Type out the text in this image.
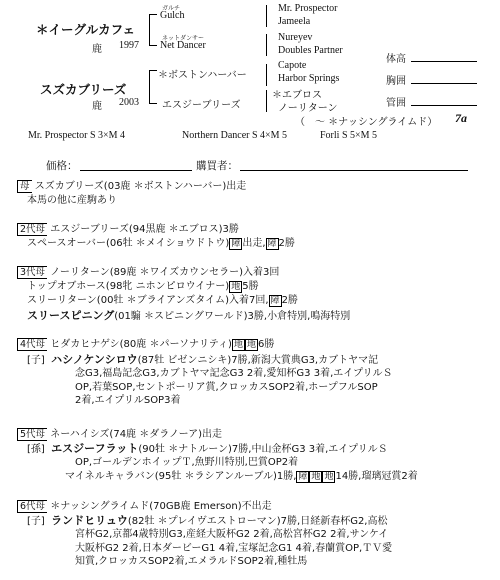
＊イーグルカフェ
鹿 1997
スズカブリーズ
鹿 2003
ガルチ
Gulch
ネットダンサー
Net Dancer
＊ボストンハーバー
エスジーブリーズ
Mr. Prospector
Jameela
Nureyev
Doubles Partner
Capote
Harbor Springs
＊エブロス
ノーリターン
体高
胸囲
管囲
（　～ ＊ナッシングライムド） 7a
Mr. Prospector S 3×M 4	Northern Dancer S 4×M 5	Forli S 5×M 5
価格：	購買者：
母 スズカブリーズ(03鹿 ＊ボストンハーバー)出走
本馬の他に産駒あり
2代母 エスジーブリーズ(94黒鹿 ＊エブロス)3勝
スペースオーバー(06牡 ＊メイショウドトウ) 障 出走, 障 2勝
3代母 ノーリターン(89鹿 ＊ワイズカウンセラー)入着3回
トップオブホース(98牝 ニホンピロウイナー) 地 5勝
スリーリターン(00牡 ＊ブライアンズタイム)入着7回, 障 2勝
スリースピニング(01騸 ＊スピニングワールド)3勝,小倉特別,鳴海特別
4代母 ヒダカヒナゲシ(80鹿 ＊パーソナリティ) 地 地 6勝
[子] ハシノケンシロウ(87牡 ビゼンニシキ)7勝,新潟大賞典G3,カブトヤマ記
念G3,福島記念G3,カブトヤマ記念G3 2着,愛知杯G3 3着,エイプリルＳ
OP,若葉SOP,セントポーリア賞,クロッカスSOP2着,ホープフルSOP
2着,エイプリルSOP3着
5代母 ネーハイシズ(74鹿 ＊ダラノーア)出走
[孫] エスジーフラット(90牡 ＊ナトルーン)7勝,中山金杯G3 3着,エイプリルＳ
OP,ゴールデンホイップＴ,魚野川特別,巴賞OP2着
マイネルキャラバン(95牡 ＊ラシアンルーブル)1勝, 障 地 地 14勝,瑠璃冠賞2着
6代母 ＊ナッシングライムド(70GB鹿 Emerson)不出走
[子] ランドヒリュウ(82牡 ＊プレイヴエストローマン)7勝,日経新春杯G2,高松
宮杯G2,京都4歳特別G3,産経大阪杯G2 2着,高松宮杯G2 2着,サンケイ
大阪杯G2 2着,日本ダービーG1 4着,宝塚記念G1 4着,春蘭賞OP,ＴＶ愛
知賞,クロッカスSOP2着,エメラルドSOP2着,種牡馬
